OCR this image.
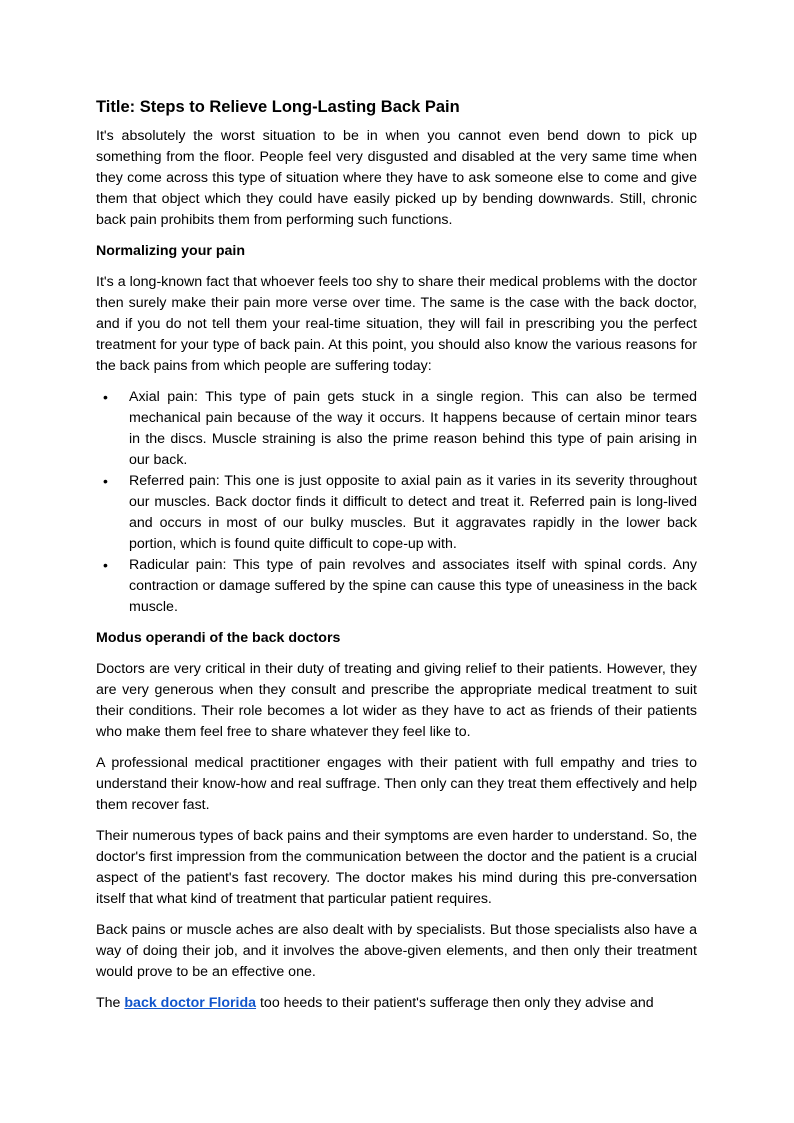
Title: Steps to Relieve Long-Lasting Back Pain

It's absolutely the worst situation to be in when you cannot even bend down to pick up something from the floor. People feel very disgusted and disabled at the very same time when they come across this type of situation where they have to ask someone else to come and give them that object which they could have easily picked up by bending downwards. Still, chronic back pain prohibits them from performing such functions.

Normalizing your pain

It's a long-known fact that whoever feels too shy to share their medical problems with the doctor then surely make their pain more verse over time. The same is the case with the back doctor, and if you do not tell them your real-time situation, they will fail in prescribing you the perfect treatment for your type of back pain. At this point, you should also know the various reasons for the back pains from which people are suffering today:

• Axial pain: This type of pain gets stuck in a single region. This can also be termed mechanical pain because of the way it occurs. It happens because of certain minor tears in the discs. Muscle straining is also the prime reason behind this type of pain arising in our back.
• Referred pain: This one is just opposite to axial pain as it varies in its severity throughout our muscles. Back doctor finds it difficult to detect and treat it. Referred pain is long-lived and occurs in most of our bulky muscles. But it aggravates rapidly in the lower back portion, which is found quite difficult to cope-up with.
• Radicular pain: This type of pain revolves and associates itself with spinal cords. Any contraction or damage suffered by the spine can cause this type of uneasiness in the back muscle.
Modus operandi of the back doctors

Doctors are very critical in their duty of treating and giving relief to their patients. However, they are very generous when they consult and prescribe the appropriate medical treatment to suit their conditions. Their role becomes a lot wider as they have to act as friends of their patients who make them feel free to share whatever they feel like to.

A professional medical practitioner engages with their patient with full empathy and tries to understand their know-how and real suffrage. Then only can they treat them effectively and help them recover fast.

Their numerous types of back pains and their symptoms are even harder to understand. So, the doctor's first impression from the communication between the doctor and the patient is a crucial aspect of the patient's fast recovery. The doctor makes his mind during this pre-conversation itself that what kind of treatment that particular patient requires.

Back pains or muscle aches are also dealt with by specialists. But those specialists also have a way of doing their job, and it involves the above-given elements, and then only their treatment would prove to be an effective one.

The back doctor Florida too heeds to their patient's sufferage then only they advise and
